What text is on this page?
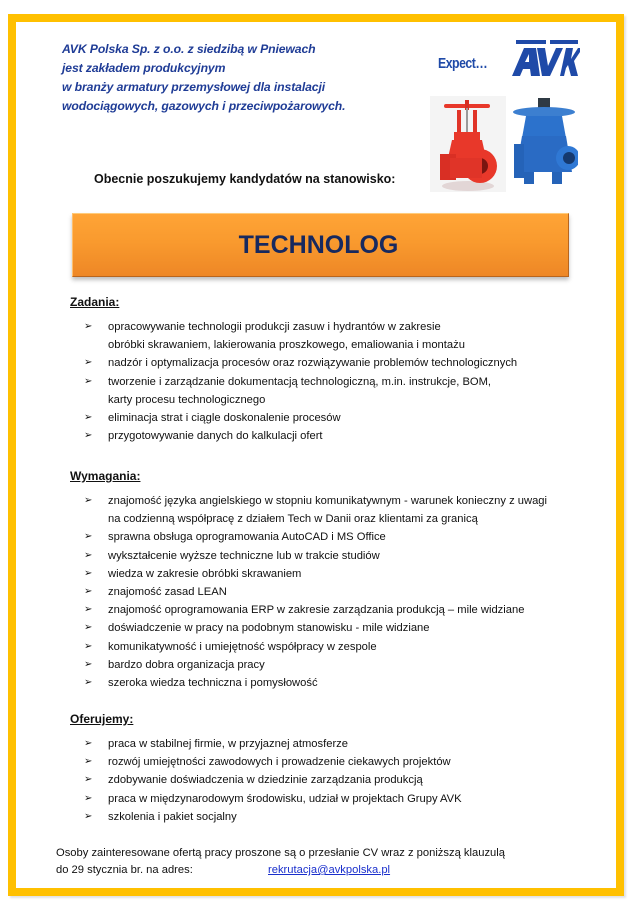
AVK Polska Sp. z o.o. z siedzibą w Pniewach
jest zakładem produkcyjnym
w branży armatury przemysłowej dla instalacji
wodociągowych, gazowych i przeciwpożarowych.
Expect…
Obecnie poszukujemy kandydatów na stanowisko:
TECHNOLOG
Zadania:
➢ opracowywanie technologii produkcji zasuw i hydrantów w zakresie
obróbki skrawaniem, lakierowania proszkowego, emaliowania i montażu
➢ nadzór i optymalizacja procesów oraz rozwiązywanie problemów technologicznych
➢ tworzenie i zarządzanie dokumentacją technologiczną, m.in. instrukcje, BOM,
karty procesu technologicznego
➢ eliminacja strat i ciągle doskonalenie procesów
➢ przygotowywanie danych do kalkulacji ofert
Wymagania:
➢ znajomość języka angielskiego w stopniu komunikatywnym - warunek konieczny z uwagi
na codzienną współpracę z działem Tech w Danii oraz klientami za granicą
➢ sprawna obsługa oprogramowania AutoCAD i MS Office
➢ wykształcenie wyższe techniczne lub w trakcie studiów
➢ wiedza w zakresie obróbki skrawaniem
➢ znajomość zasad LEAN
➢ znajomość oprogramowania ERP w zakresie zarządzania produkcją – mile widziane
➢ doświadczenie w pracy na podobnym stanowisku - mile widziane
➢ komunikatywność i umiejętność współpracy w zespole
➢ bardzo dobra organizacja pracy
➢ szeroka wiedza techniczna i pomysłowość
Oferujemy:
➢ praca w stabilnej firmie, w przyjaznej atmosferze
➢ rozwój umiejętności zawodowych i prowadzenie ciekawych projektów
➢ zdobywanie doświadczenia w dziedzinie zarządzania produkcją
➢ praca w międzynarodowym środowisku, udział w projektach Grupy AVK
➢ szkolenia i pakiet socjalny
Osoby zainteresowane ofertą pracy proszone są o przesłanie CV wraz z poniższą klauzulą
do 29 stycznia br. na adres:	rekrutacja@avkpolska.pl
